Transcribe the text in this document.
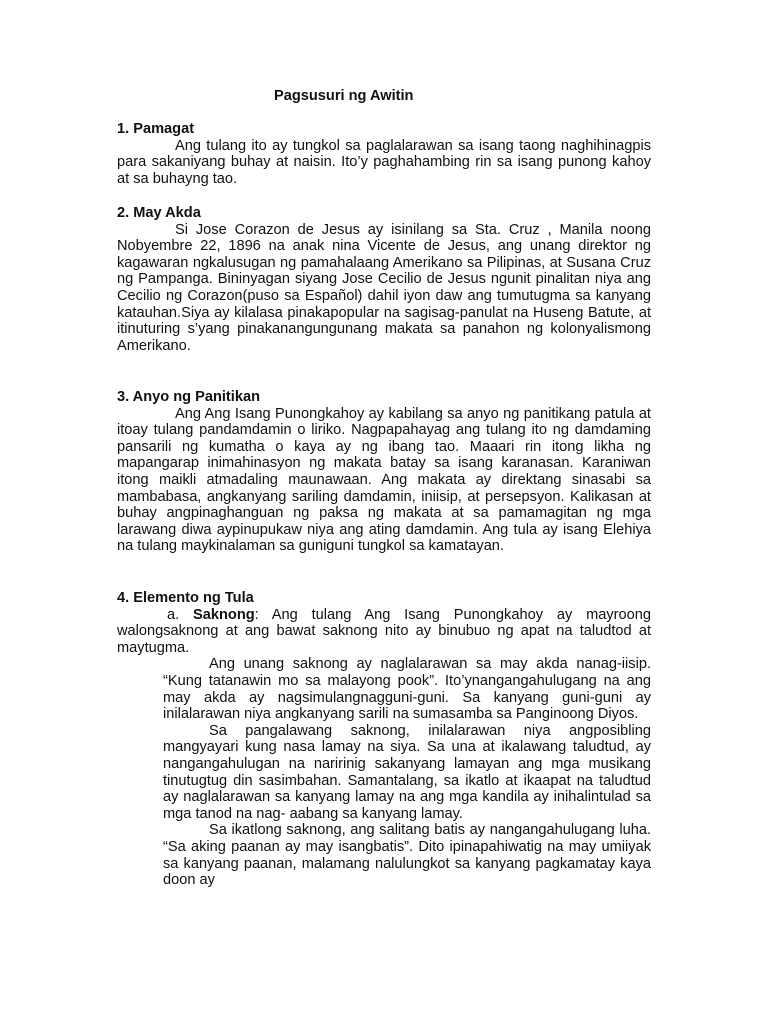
Pagsusuri ng Awitin

1. Pamagat

Ang tulang ito ay tungkol sa paglalarawan sa isang taong naghihinagpis para sakaniyang buhay at naisin. Ito’y paghahambing rin sa isang punong kahoy at sa buhayng tao.

2. May Akda

Si Jose Corazon de Jesus ay isinilang sa Sta. Cruz , Manila noong Nobyembre 22, 1896 na anak nina Vicente de Jesus, ang unang direktor ng kagawaran ngkalusugan ng pamahalaang Amerikano sa Pilipinas, at Susana Cruz ng Pampanga. Bininyagan siyang Jose Cecilio de Jesus ngunit pinalitan niya ang Cecilio ng Corazon(puso sa Español) dahil iyon daw ang tumutugma sa kanyang katauhan.Siya ay kilalasa pinakapopular na sagisag-panulat na Huseng Batute, at itinuturing s’yang pinakanangungunang makata sa panahon ng kolonyalismong Amerikano.

3. Anyo ng Panitikan

Ang Ang Isang Punongkahoy ay kabilang sa anyo ng panitikang patula at itoay tulang pandamdamin o liriko. Nagpapahayag ang tulang ito ng damdaming pansarili ng kumatha o kaya ay ng ibang tao. Maaari rin itong likha ng mapangarap inimahinasyon ng makata batay sa isang karanasan. Karaniwan itong maikli atmadaling maunawaan. Ang makata ay direktang sinasabi sa mambabasa, angkanyang sariling damdamin, iniisip, at persepsyon. Kalikasan at buhay angpinaghanguan ng paksa ng makata at sa pamamagitan ng mga larawang diwa aypinupukaw niya ang ating damdamin. Ang tula ay isang Elehiya na tulang maykinalaman sa guniguni tungkol sa kamatayan.

4. Elemento ng Tula

a. Saknong: Ang tulang Ang Isang Punongkahoy ay mayroong walongsaknong at ang bawat saknong nito ay binubuo ng apat na taludtod at maytugma.

Ang unang saknong ay naglalarawan sa may akda nanag-iisip. “Kung tatanawin mo sa malayong pook”. Ito’ynangangahulugang na ang may akda ay nagsimulangnagguni-guni. Sa kanyang guni-guni ay inilalarawan niya angkanyang sarili na sumasamba sa Panginoong Diyos.

Sa pangalawang saknong, inilalarawan niya angposibling mangyayari kung nasa lamay na siya. Sa una at ikalawang taludtud, ay nangangahulugan na naririnig sakanyang lamayan ang mga musikang tinutugtug din sasimbahan. Samantalang, sa ikatlo at ikaapat na taludtud ay naglalarawan sa kanyang lamay na ang mga kandila ay inihalintulad sa mga tanod na nag- aabang sa kanyang lamay.

Sa ikatlong saknong, ang salitang batis ay nangangahulugang luha. “Sa aking paanan ay may isangbatis”. Dito ipinapahiwatig na may umiiyak sa kanyang paanan, malamang nalulungkot sa kanyang pagkamatay kaya doon ay
